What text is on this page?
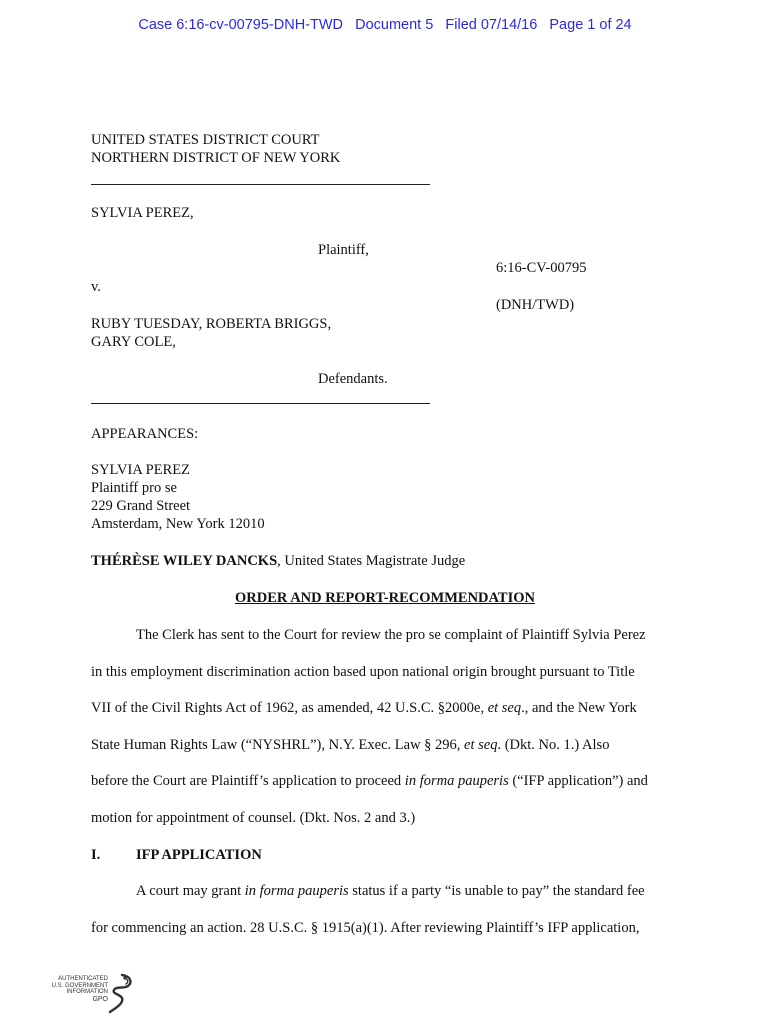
Case 6:16-cv-00795-DNH-TWD Document 5 Filed 07/14/16 Page 1 of 24
UNITED STATES DISTRICT COURT
NORTHERN DISTRICT OF NEW YORK
SYLVIA PEREZ,
Plaintiff,
6:16-CV-00795
v.
(DNH/TWD)
RUBY TUESDAY, ROBERTA BRIGGS,
GARY COLE,
Defendants.
APPEARANCES:
SYLVIA PEREZ
Plaintiff pro se
229 Grand Street
Amsterdam, New York 12010
THÉRÈSE WILEY DANCKS, United States Magistrate Judge
ORDER AND REPORT-RECOMMENDATION
The Clerk has sent to the Court for review the pro se complaint of Plaintiff Sylvia Perez
in this employment discrimination action based upon national origin brought pursuant to Title
VII of the Civil Rights Act of 1962, as amended, 42 U.S.C. §2000e, et seq., and the New York
State Human Rights Law (“NYSHRL”), N.Y. Exec. Law § 296, et seq. (Dkt. No. 1.) Also
before the Court are Plaintiff’s application to proceed in forma pauperis (“IFP application”) and
motion for appointment of counsel. (Dkt. Nos. 2 and 3.)
I. IFP APPLICATION
A court may grant in forma pauperis status if a party “is unable to pay” the standard fee
for commencing an action. 28 U.S.C. § 1915(a)(1). After reviewing Plaintiff’s IFP application,
AUTHENTICATED
U.S. GOVERNMENT
INFORMATION
GPO
